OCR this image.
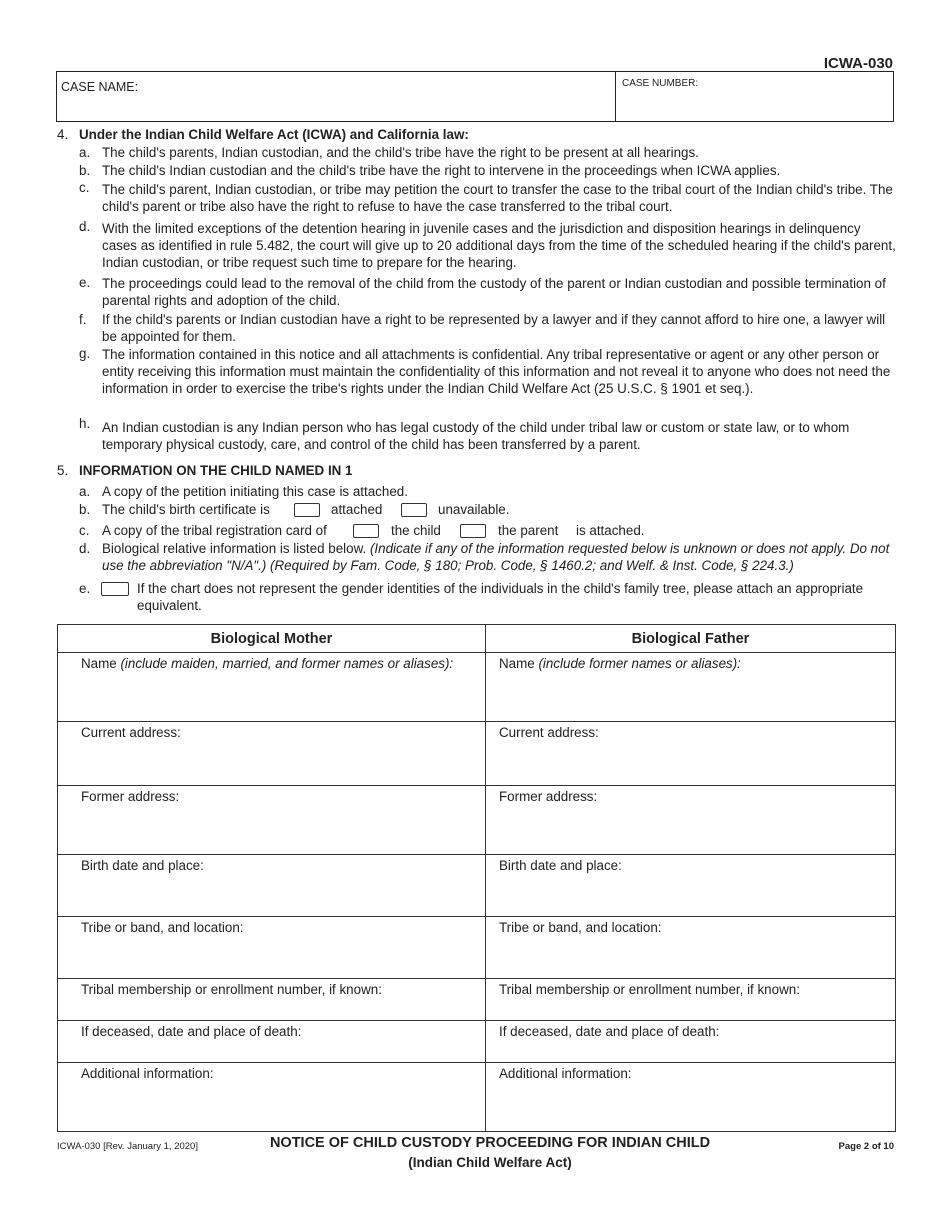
ICWA-030
CASE NAME:	CASE NUMBER:
4. Under the Indian Child Welfare Act (ICWA) and California law:
a. The child's parents, Indian custodian, and the child's tribe have the right to be present at all hearings.
b. The child's Indian custodian and the child's tribe have the right to intervene in the proceedings when ICWA applies.
c. The child's parent, Indian custodian, or tribe may petition the court to transfer the case to the tribal court of the Indian child's tribe. The child's parent or tribe also have the right to refuse to have the case transferred to the tribal court.
d. With the limited exceptions of the detention hearing in juvenile cases and the jurisdiction and disposition hearings in delinquency cases as identified in rule 5.482, the court will give up to 20 additional days from the time of the scheduled hearing if the child's parent, Indian custodian, or tribe request such time to prepare for the hearing.
e. The proceedings could lead to the removal of the child from the custody of the parent or Indian custodian and possible termination of parental rights and adoption of the child.
f.	If the child's parents or Indian custodian have a right to be represented by a lawyer and if they cannot afford to hire one, a lawyer will be appointed for them.
g. The information contained in this notice and all attachments is confidential. Any tribal representative or agent or any other person or entity receiving this information must maintain the confidentiality of this information and not reveal it to anyone who does not need the information in order to exercise the tribe's rights under the Indian Child Welfare Act (25 U.S.C. § 1901 et seq.).
h. An Indian custodian is any Indian person who has legal custody of the child under tribal law or custom or state law, or to whom temporary physical custody, care, and control of the child has been transferred by a parent.
5. INFORMATION ON THE CHILD NAMED IN 1
a. A copy of the petition initiating this case is attached.
b. The child's birth certificate is	attached	unavailable.
c. A copy of the tribal registration card of	the child	the parent is attached.
d. Biological relative information is listed below. (Indicate if any of the information requested below is unknown or does not apply. Do not use the abbreviation "N/A".) (Required by Fam. Code, § 180; Prob. Code, § 1460.2; and Welf. & Inst. Code, § 224.3.)
e.	If the chart does not represent the gender identities of the individuals in the child's family tree, please attach an appropriate equivalent.
Biological Mother	Biological Father

Name (include maiden, married, and former names or aliases):	Name (include former names or aliases):

Current address:	Current address:

Former address:	Former address:

Birth date and place:	Birth date and place:

Tribe or band, and location:	Tribe or band, and location:

Tribal membership or enrollment number, if known:	Tribal membership or enrollment number, if known:

If deceased, date and place of death:	If deceased, date and place of death:

Additional information:	Additional information:
ICWA-030 [Rev. January 1, 2020]	NOTICE OF CHILD CUSTODY PROCEEDING FOR INDIAN CHILD
(Indian Child Welfare Act)
Page 2 of 10
